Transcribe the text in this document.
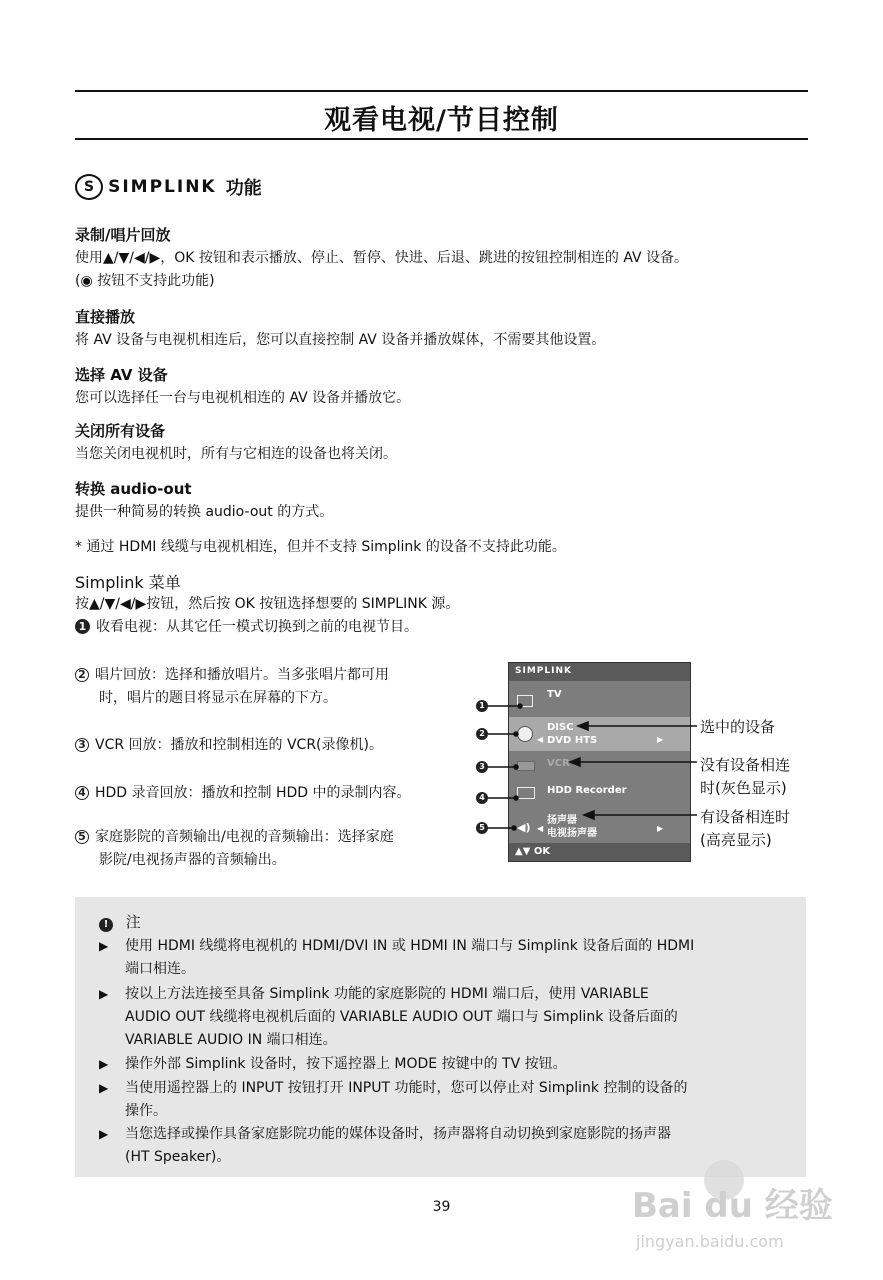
观看电视/节目控制
S SIMPLINK 功能
录制/唱片回放
使用▲/▼/◀/▶，OK 按钮和表示播放、停止、暂停、快进、后退、跳进的按钮控制相连的 AV 设备。
(◉ 按钮不支持此功能)
直接播放
将 AV 设备与电视机相连后，您可以直接控制 AV 设备并播放媒体，不需要其他设置。
选择 AV 设备
您可以选择任一台与电视机相连的 AV 设备并播放它。
关闭所有设备
当您关闭电视机时，所有与它相连的设备也将关闭。
转换 audio-out
提供一种简易的转换 audio-out 的方式。
* 通过 HDMI 线缆与电视机相连，但并不支持 Simplink 的设备不支持此功能。
Simplink 菜单
按▲/▼/◀/▶按钮，然后按 OK 按钮选择想要的 SIMPLINK 源。
1 收看电视：从其它任一模式切换到之前的电视节目。
2 唱片回放：选择和播放唱片。当多张唱片都可用
时，唱片的题目将显示在屏幕的下方。
3 VCR 回放：播放和控制相连的 VCR(录像机)。
4 HDD 录音回放：播放和控制 HDD 中的录制内容。
5 家庭影院的音频输出/电视的音频输出：选择家庭
影院/电视扬声器的音频输出。
SIMPLINK
TV
DISC
◀ DVD HTS	▶
VCR
HDD Recorder
◀)
扬声器
◀ 电视扬声器	▶
▲▼ OK
1
2
3
4
5
选中的设备
没有设备相连
时(灰色显示)
有设备相连时
(高亮显示)
! 注
▶ 使用 HDMI 线缆将电视机的 HDMI/DVI IN 或 HDMI IN 端口与 Simplink 设备后面的 HDMI
端口相连。
▶ 按以上方法连接至具备 Simplink 功能的家庭影院的 HDMI 端口后，使用 VARIABLE
AUDIO OUT 线缆将电视机后面的 VARIABLE AUDIO OUT 端口与 Simplink 设备后面的
VARIABLE AUDIO IN 端口相连。
▶ 操作外部 Simplink 设备时，按下遥控器上 MODE 按键中的 TV 按钮。
▶ 当使用遥控器上的 INPUT 按钮打开 INPUT 功能时，您可以停止对 Simplink 控制的设备的
操作。
▶ 当您选择或操作具备家庭影院功能的媒体设备时，扬声器将自动切换到家庭影院的扬声器
(HT Speaker)。
39	Bai du 经验
jingyan.baidu.com
